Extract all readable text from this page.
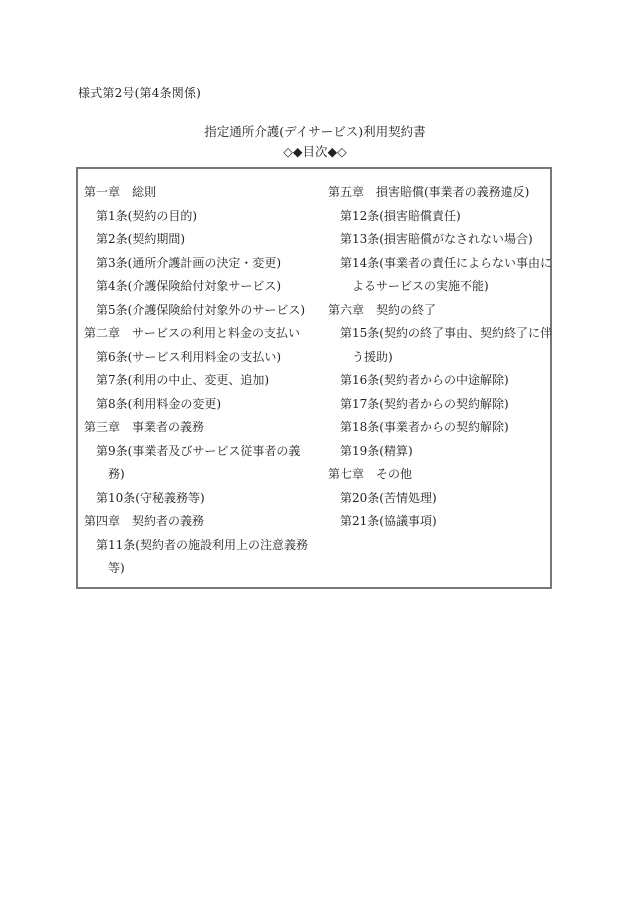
様式第2号(第4条関係)
指定通所介護(デイサービス)利用契約書
◇◆目次◆◇
第一章　総則
第1条(契約の目的)
第2条(契約期間)
第3条(通所介護計画の決定・変更)
第4条(介護保険給付対象サービス)
第5条(介護保険給付対象外のサービス)
第二章　サービスの利用と料金の支払い
第6条(サービス利用料金の支払い)
第7条(利用の中止、変更、追加)
第8条(利用料金の変更)
第三章　事業者の義務
第9条(事業者及びサービス従事者の義
務)
第10条(守秘義務等)
第四章　契約者の義務
第11条(契約者の施設利用上の注意義務
等)
第五章　損害賠償(事業者の義務違反)
第12条(損害賠償責任)
第13条(損害賠償がなされない場合)
第14条(事業者の責任によらない事由に
よるサービスの実施不能)
第六章　契約の終了
第15条(契約の終了事由、契約終了に伴
う援助)
第16条(契約者からの中途解除)
第17条(契約者からの契約解除)
第18条(事業者からの契約解除)
第19条(精算)
第七章　その他
第20条(苦情処理)
第21条(協議事項)
